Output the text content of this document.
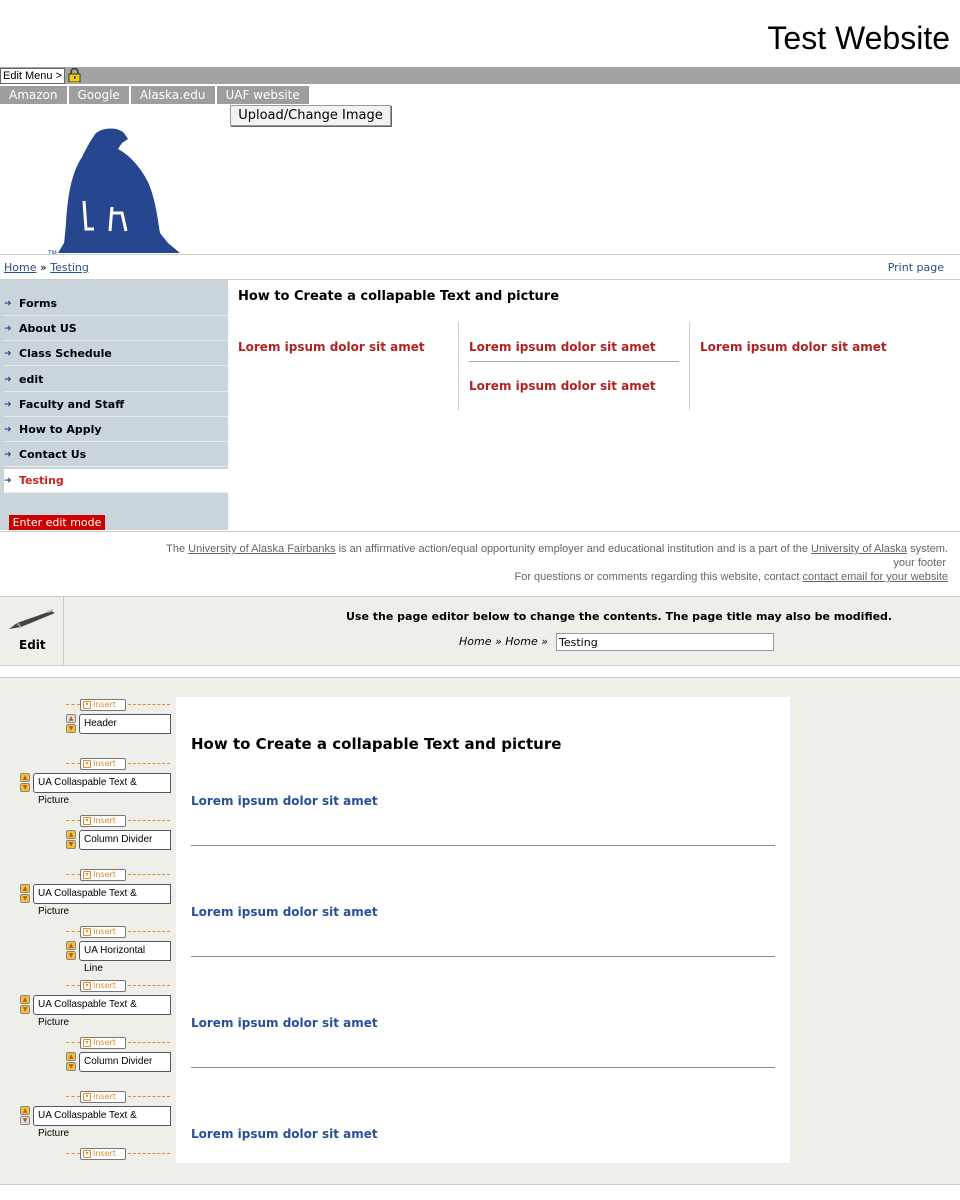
Test Website
Edit Menu >
Amazon	Google	Alaska.edu	UAF website
Upload/Change Image
Home » Testing	Print page
➜ Forms
➜ About US
➜ Class Schedule
➜ edit
➜ Faculty and Staff
➜ How to Apply
➜ Contact Us
➜ Testing
Enter edit mode
How to Create a collapable Text and picture
Lorem ipsum dolor sit amet	Lorem ipsum dolor sit amet
Lorem ipsum dolor sit amet
Lorem ipsum dolor sit amet
The University of Alaska Fairbanks is an affirmative action/equal opportunity employer and educational institution and is a part of the University of Alaska system.
your footer
For questions or comments regarding this website, contact contact email for your website
Edit
Use the page editor below to change the contents. The page title may also be modified.
Home » Home »
Testing
▾ Insert
▲
▼	Header
▾ Insert
▲
▼	UA Collaspable Text & Picture
▾ Insert
▲
▼	Column Divider
▾ Insert
▲
▼	UA Collaspable Text & Picture
▾ Insert
▲
▼	UA Horizontal Line
▾ Insert
▲
▼	UA Collaspable Text & Picture
▾ Insert
▲
▼	Column Divider
▾ Insert
▲
▼	UA Collaspable Text & Picture
▾ Insert
How to Create a collapable Text and picture
Lorem ipsum dolor sit amet
Lorem ipsum dolor sit amet
Lorem ipsum dolor sit amet
Lorem ipsum dolor sit amet
